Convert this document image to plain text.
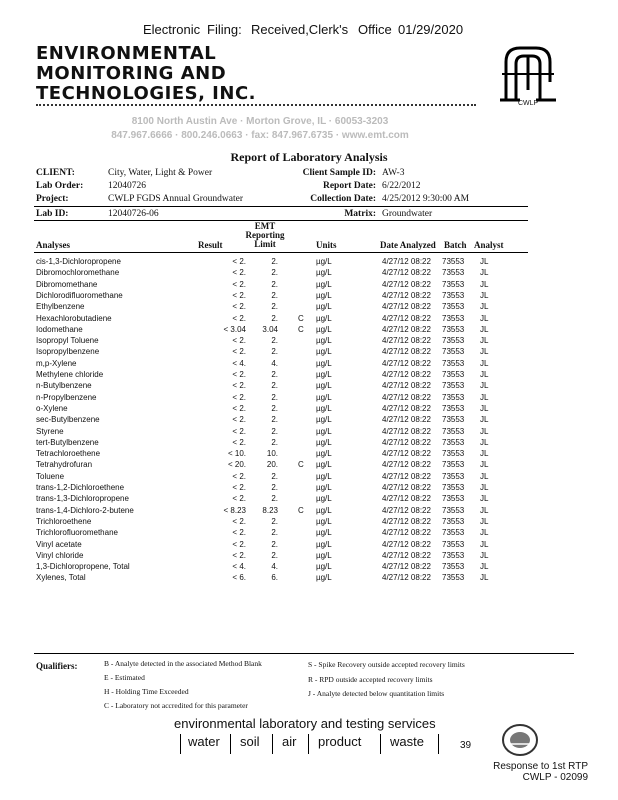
Electronic Filing: Received,Clerk's Office 01/29/2020
ENVIRONMENTAL
MONITORING AND
TECHNOLOGIES, INC.	CWLP
8100 North Austin Ave · Morton Grove, IL · 60053-3203
847.967.6666 · 800.246.0663 · fax: 847.967.6735 · www.emt.com
Report of Laboratory Analysis
CLIENT:	City, Water, Light & Power
Lab Order:	12040726
Project:	CWLP FGDS Annual Groundwater
Lab ID:	12040726-06
Client Sample ID: AW-3
Report Date: 6/22/2012
Collection Date: 4/25/2012 9:30:00 AM
Matrix: Groundwater
Analyses	Result
EMT
Reporting
Limit	Units	Date Analyzed Batch Analyst
cis-1,3-Dichloropropene	< 2.	2.	µg/L	4/27/12 08:22 73553 JL
Dibromochloromethane	< 2.	2.	µg/L	4/27/12 08:22 73553 JL
Dibromomethane	< 2.	2.	µg/L	4/27/12 08:22 73553 JL
Dichlorodifluoromethane	< 2.	2.	µg/L	4/27/12 08:22 73553 JL
Ethylbenzene	< 2.	2.	µg/L	4/27/12 08:22 73553 JL
Hexachlorobutadiene	< 2.	2.	C µg/L	4/27/12 08:22 73553 JL
Iodomethane	< 3.04	3.04	C µg/L	4/27/12 08:22 73553 JL
Isopropyl Toluene	< 2.	2.	µg/L	4/27/12 08:22 73553 JL
Isopropylbenzene	< 2.	2.	µg/L	4/27/12 08:22 73553 JL
m,p-Xylene	< 4.	4.	µg/L	4/27/12 08:22 73553 JL
Methylene chloride	< 2.	2.	µg/L	4/27/12 08:22 73553 JL
n-Butylbenzene	< 2.	2.	µg/L	4/27/12 08:22 73553 JL
n-Propylbenzene	< 2.	2.	µg/L	4/27/12 08:22 73553 JL
o-Xylene	< 2.	2.	µg/L	4/27/12 08:22 73553 JL
sec-Butylbenzene	< 2.	2.	µg/L	4/27/12 08:22 73553 JL
Styrene	< 2.	2.	µg/L	4/27/12 08:22 73553 JL
tert-Butylbenzene	< 2.	2.	µg/L	4/27/12 08:22 73553 JL
Tetrachloroethene	< 10.	10.	µg/L	4/27/12 08:22 73553 JL
Tetrahydrofuran	< 20.	20.	C µg/L	4/27/12 08:22 73553 JL
Toluene	< 2.	2.	µg/L	4/27/12 08:22 73553 JL
trans-1,2-Dichloroethene	< 2.	2.	µg/L	4/27/12 08:22 73553 JL
trans-1,3-Dichloropropene	< 2.	2.	µg/L	4/27/12 08:22 73553 JL
trans-1,4-Dichloro-2-butene	< 8.23	8.23	C µg/L	4/27/12 08:22 73553 JL
Trichloroethene	< 2.	2.	µg/L	4/27/12 08:22 73553 JL
Trichlorofluoromethane	< 2.	2.	µg/L	4/27/12 08:22 73553 JL
Vinyl acetate	< 2.	2.	µg/L	4/27/12 08:22 73553 JL
Vinyl chloride	< 2.	2.	µg/L	4/27/12 08:22 73553 JL
1,3-Dichloropropene, Total	< 4.	4.	µg/L	4/27/12 08:22 73553 JL
Xylenes, Total	< 6.	6.	µg/L	4/27/12 08:22 73553 JL
Qualifiers:	B - Analyte detected in the associated Method Blank
E - Estimated
H - Holding Time Exceeded
C - Laboratory not accredited for this parameter
S - Spike Recovery outside accepted recovery limits
R - RPD outside accepted recovery limits
J - Analyte detected below quantitation limits
environmental laboratory and testing services
water soil air product waste	39
Response to 1st RTP
CWLP - 02099
